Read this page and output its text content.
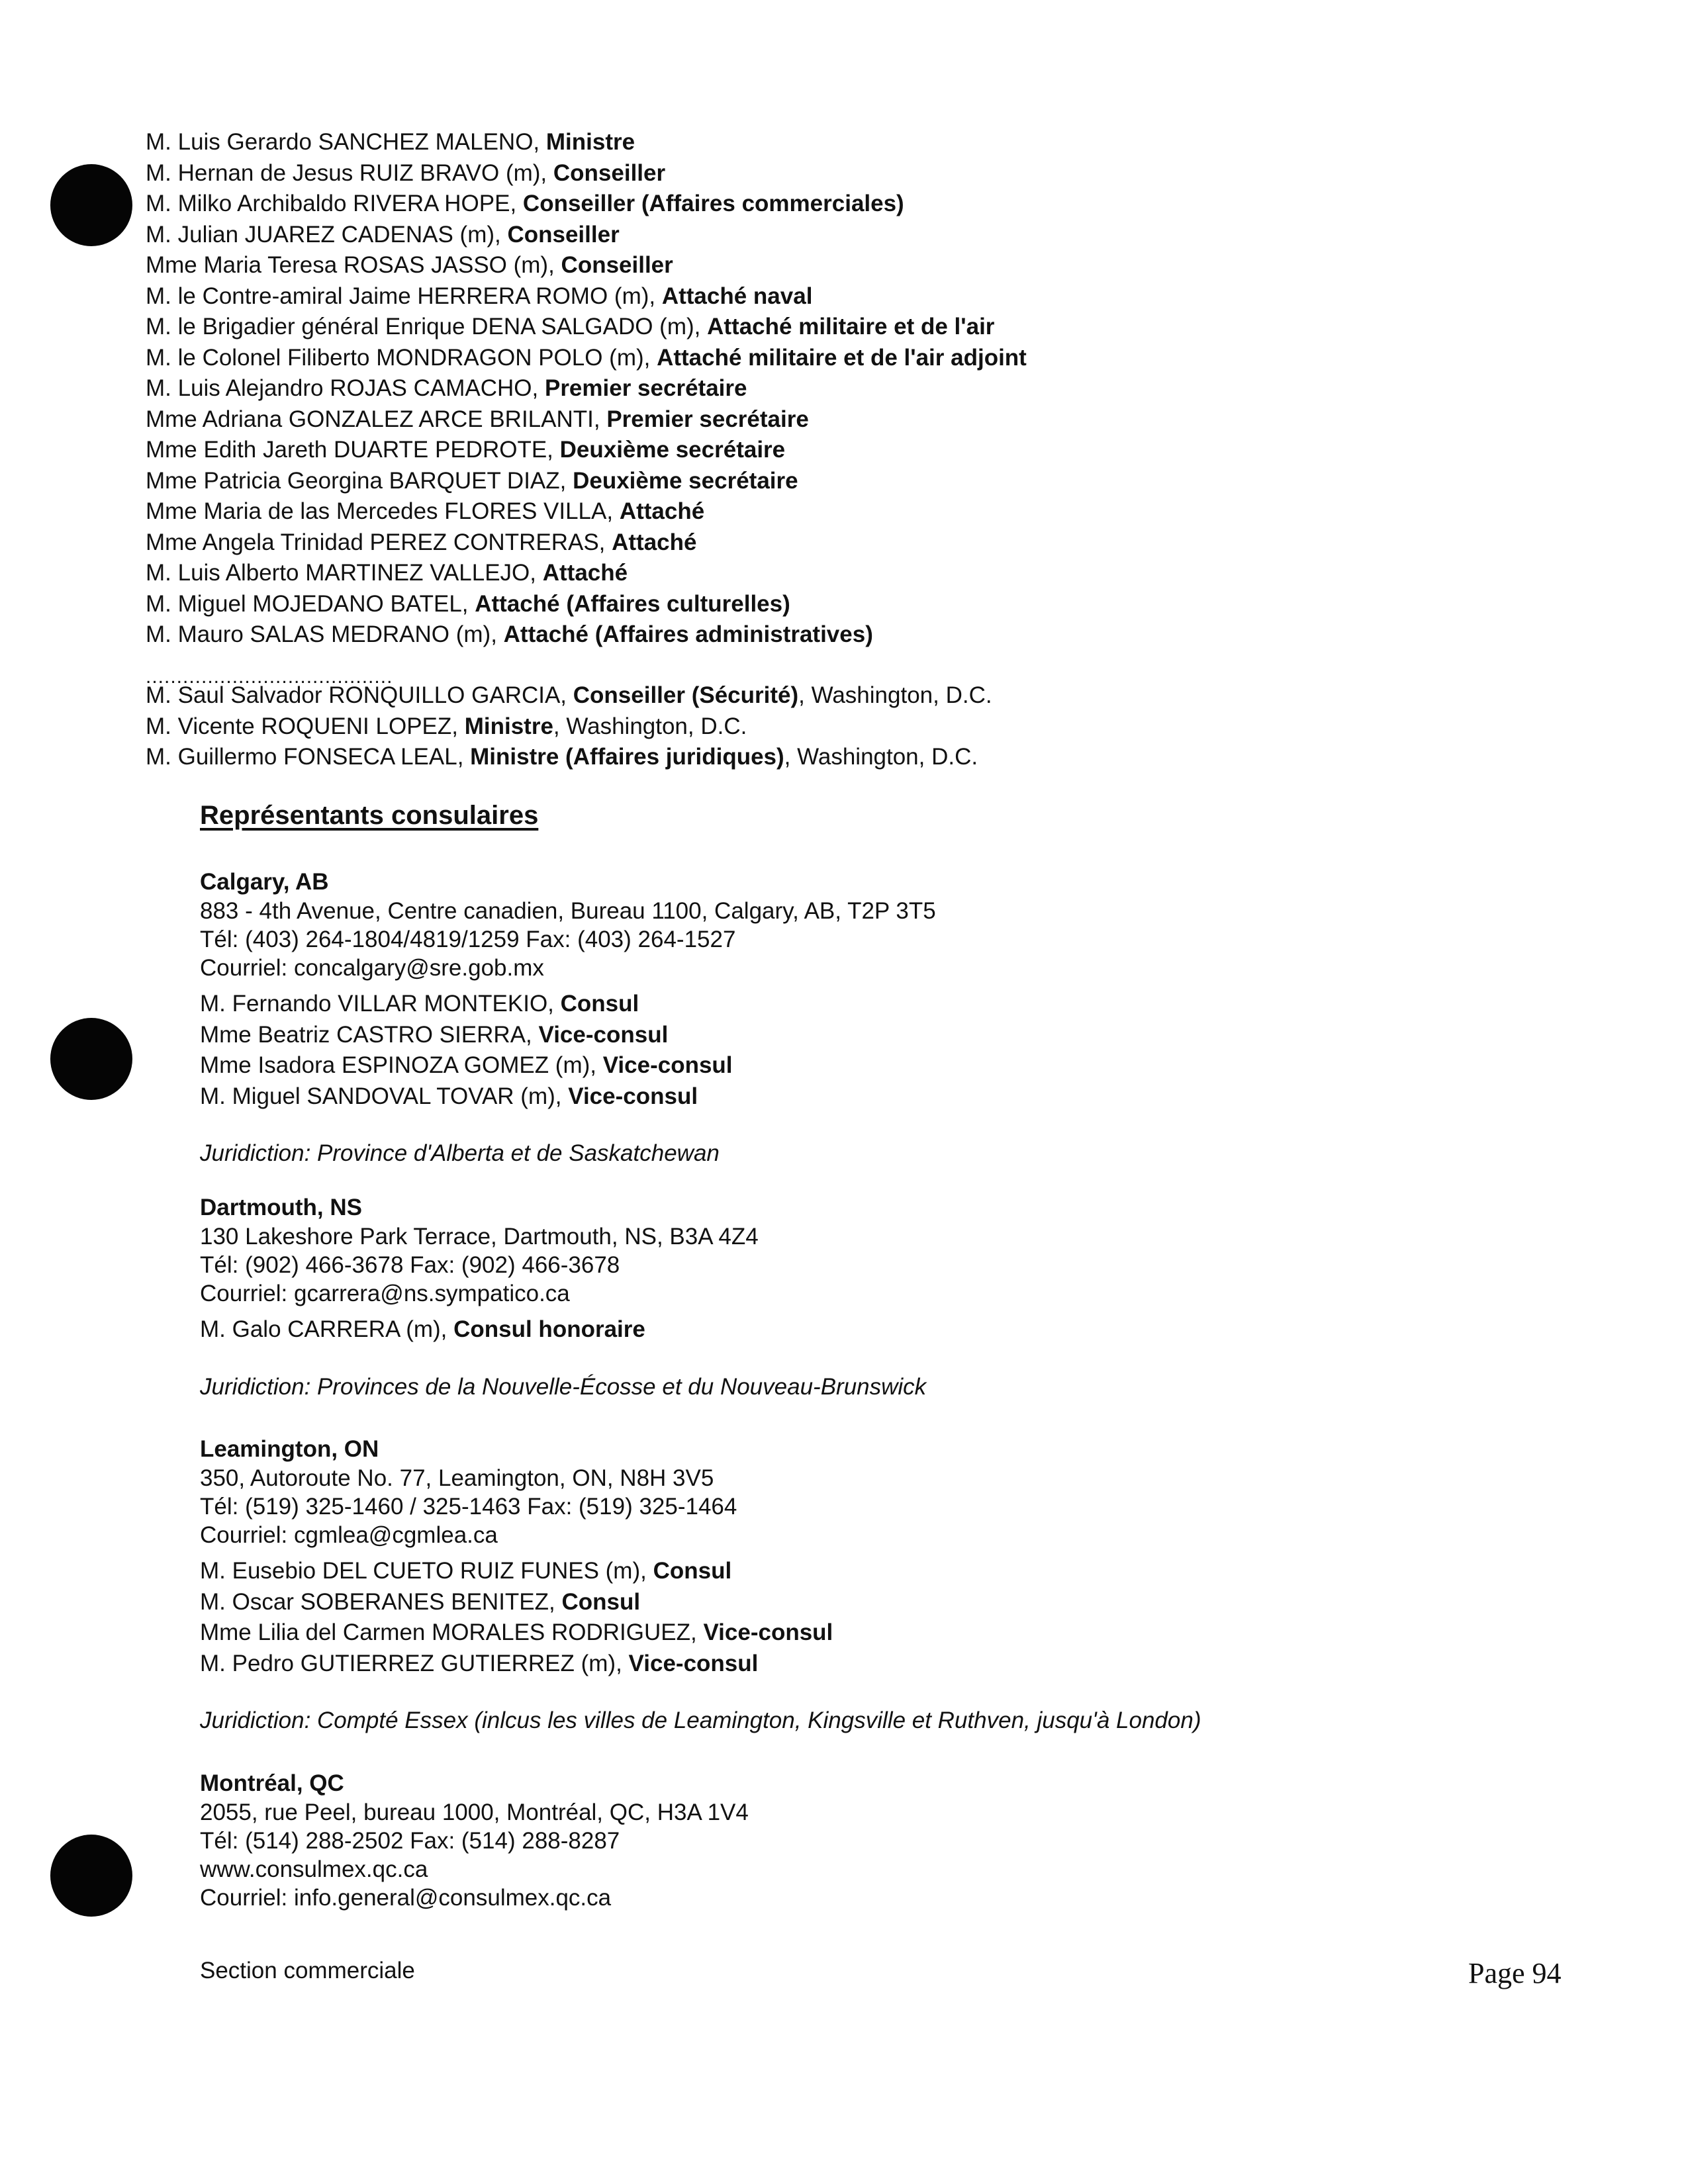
M. Luis Gerardo SANCHEZ MALENO, Ministre
M. Hernan de Jesus RUIZ BRAVO (m), Conseiller
M. Milko Archibaldo RIVERA HOPE, Conseiller (Affaires commerciales)
M. Julian JUAREZ CADENAS (m), Conseiller
Mme Maria Teresa ROSAS JASSO (m), Conseiller
M. le Contre-amiral Jaime HERRERA ROMO (m), Attaché naval
M. le Brigadier général Enrique DENA SALGADO (m), Attaché militaire et de l'air
M. le Colonel Filiberto MONDRAGON POLO (m), Attaché militaire et de l'air adjoint
M. Luis Alejandro ROJAS CAMACHO, Premier secrétaire
Mme Adriana GONZALEZ ARCE BRILANTI, Premier secrétaire
Mme Edith Jareth DUARTE PEDROTE, Deuxième secrétaire
Mme Patricia Georgina BARQUET DIAZ, Deuxième secrétaire
Mme Maria de las Mercedes FLORES VILLA, Attaché
Mme Angela Trinidad PEREZ CONTRERAS, Attaché
M. Luis Alberto MARTINEZ VALLEJO, Attaché
M. Miguel MOJEDANO BATEL, Attaché (Affaires culturelles)
M. Mauro SALAS MEDRANO (m), Attaché (Affaires administratives)
........................................
M. Saul Salvador RONQUILLO GARCIA, Conseiller (Sécurité), Washington, D.C.
M. Vicente ROQUENI LOPEZ, Ministre, Washington, D.C.
M. Guillermo FONSECA LEAL, Ministre (Affaires juridiques), Washington, D.C.
Représentants consulaires
Calgary, AB
883 - 4th Avenue, Centre canadien, Bureau 1100, Calgary, AB, T2P 3T5
Tél: (403) 264-1804/4819/1259 Fax: (403) 264-1527
Courriel: concalgary@sre.gob.mx
M. Fernando VILLAR MONTEKIO, Consul
Mme Beatriz CASTRO SIERRA, Vice-consul
Mme Isadora ESPINOZA GOMEZ (m), Vice-consul
M. Miguel SANDOVAL TOVAR (m), Vice-consul
Juridiction: Province d'Alberta et de Saskatchewan
Dartmouth, NS
130 Lakeshore Park Terrace, Dartmouth, NS, B3A 4Z4
Tél: (902) 466-3678 Fax: (902) 466-3678
Courriel: gcarrera@ns.sympatico.ca
M. Galo CARRERA (m), Consul honoraire
Juridiction: Provinces de la Nouvelle-Écosse et du Nouveau-Brunswick
Leamington, ON
350, Autoroute No. 77, Leamington, ON, N8H 3V5
Tél: (519) 325-1460 / 325-1463 Fax: (519) 325-1464
Courriel: cgmlea@cgmlea.ca
M. Eusebio DEL CUETO RUIZ FUNES (m), Consul
M. Oscar SOBERANES BENITEZ, Consul
Mme Lilia del Carmen MORALES RODRIGUEZ, Vice-consul
M. Pedro GUTIERREZ GUTIERREZ (m), Vice-consul
Juridiction: Compté Essex (inlcus les villes de Leamington, Kingsville et Ruthven, jusqu'à London)
Montréal, QC
2055, rue Peel, bureau 1000, Montréal, QC, H3A 1V4
Tél: (514) 288-2502 Fax: (514) 288-8287
www.consulmex.qc.ca
Courriel: info.general@consulmex.qc.ca
Section commerciale	Page 94
